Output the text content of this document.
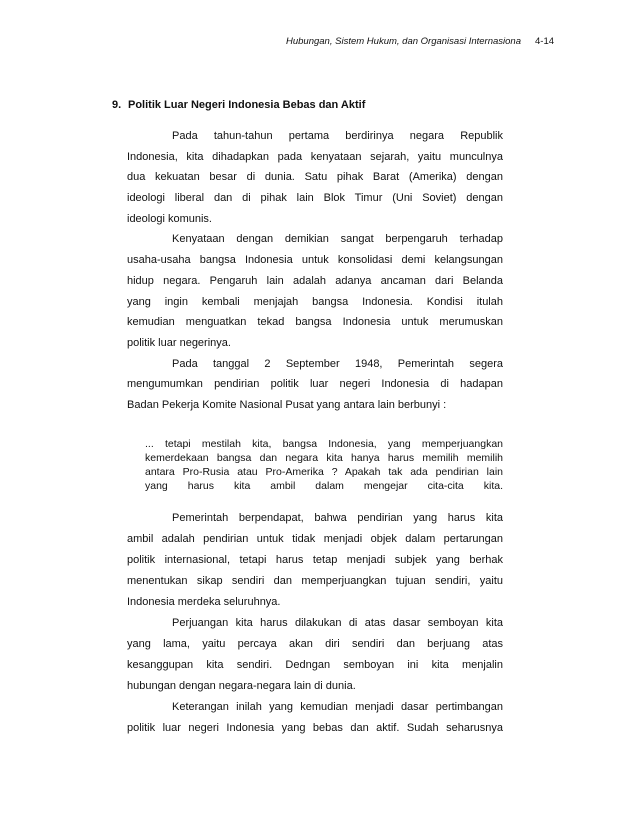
Hubungan, Sistem Hukum, dan Organisasi Internasiona 4-14
9. Politik Luar Negeri Indonesia Bebas dan Aktif
Pada tahun-tahun pertama berdirinya negara Republik
Indonesia, kita dihadapkan pada kenyataan sejarah, yaitu munculnya
dua kekuatan besar di dunia. Satu pihak Barat (Amerika) dengan
ideologi liberal dan di pihak lain Blok Timur (Uni Soviet) dengan
ideologi komunis.
Kenyataan dengan demikian sangat berpengaruh terhadap
usaha-usaha bangsa Indonesia untuk konsolidasi demi kelangsungan
hidup negara. Pengaruh lain adalah adanya ancaman dari Belanda
yang ingin kembali menjajah bangsa Indonesia. Kondisi itulah
kemudian menguatkan tekad bangsa Indonesia untuk merumuskan
politik luar negerinya.
Pada tanggal 2 September 1948, Pemerintah segera
mengumumkan pendirian politik luar negeri Indonesia di hadapan
Badan Pekerja Komite Nasional Pusat yang antara lain berbunyi :
... tetapi mestilah kita, bangsa Indonesia, yang memperjuangkan
kemerdekaan bangsa dan negara kita hanya harus memilih memilih
antara Pro-Rusia atau Pro-Amerika ? Apakah tak ada pendirian lain
yang harus kita ambil dalam mengejar cita-cita kita.
Pemerintah berpendapat, bahwa pendirian yang harus kita
ambil adalah pendirian untuk tidak menjadi objek dalam pertarungan
politik internasional, tetapi harus tetap menjadi subjek yang berhak
menentukan sikap sendiri dan memperjuangkan tujuan sendiri, yaitu
Indonesia merdeka seluruhnya.
Perjuangan kita harus dilakukan di atas dasar semboyan kita
yang lama, yaitu percaya akan diri sendiri dan berjuang atas
kesanggupan kita sendiri. Dedngan semboyan ini kita menjalin
hubungan dengan negara-negara lain di dunia.
Keterangan inilah yang kemudian menjadi dasar pertimbangan
politik luar negeri Indonesia yang bebas dan aktif. Sudah seharusnya
